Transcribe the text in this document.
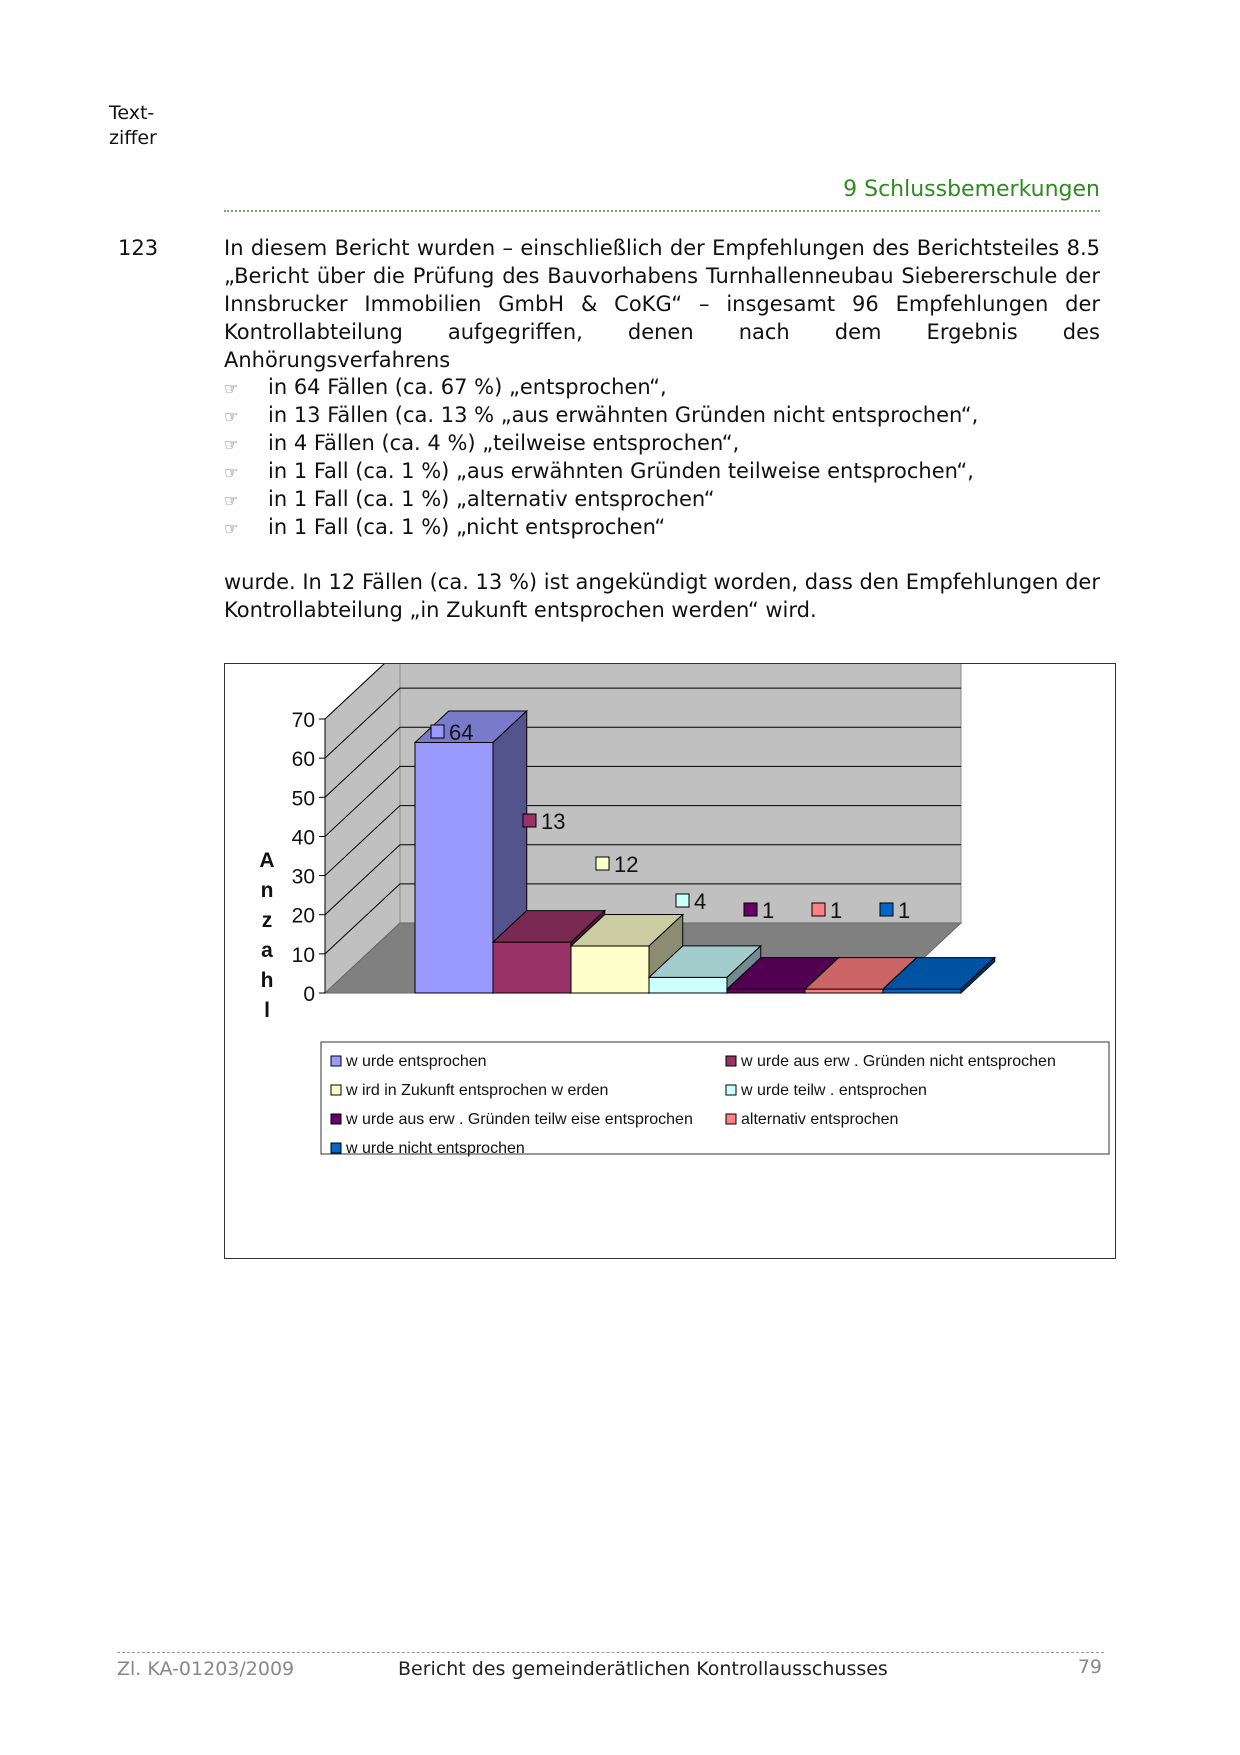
Text-
ziffer
9 Schlussbemerkungen
123	In diesem Bericht wurden – einschließlich der Empfehlungen des Berichtsteiles 8.5 „Bericht über die Prüfung des Bauvorhabens Turnhallenneubau Siebererschule der Innsbrucker Immobilien GmbH & CoKG“ – insgesamt 96 Empfehlungen der Kontrollabteilung aufgegriffen, denen nach dem Ergebnis des Anhörungsverfahrens
☞ in 64 Fällen (ca. 67 %) „entsprochen“,
☞ in 13 Fällen (ca. 13 % „aus erwähnten Gründen nicht entsprochen“,
☞ in 4 Fällen (ca. 4 %) „teilweise entsprochen“,
☞ in 1 Fall (ca. 1 %) „aus erwähnten Gründen teilweise entsprochen“,
☞ in 1 Fall (ca. 1 %) „alternativ entsprochen“
☞ in 1 Fall (ca. 1 %) „nicht entsprochen“
wurde. In 12 Fällen (ca. 13 %) ist angekündigt worden, dass den Empfehlungen der Kontrollabteilung „in Zukunft entsprochen werden“ wird.
0
10
20
30
40
50
60
70
A
n
z
a
h
l
64
13
12
4	1	1	1
w urde entsprochen	w urde aus erw . Gründen nicht entsprochen
w ird in Zukunft entsprochen w erden	w urde teilw . entsprochen
w urde aus erw . Gründen teilw eise entsprochen	alternativ entsprochen
w urde nicht entsprochen
Zl. KA-01203/2009	Bericht des gemeinderätlichen Kontrollausschusses	79
